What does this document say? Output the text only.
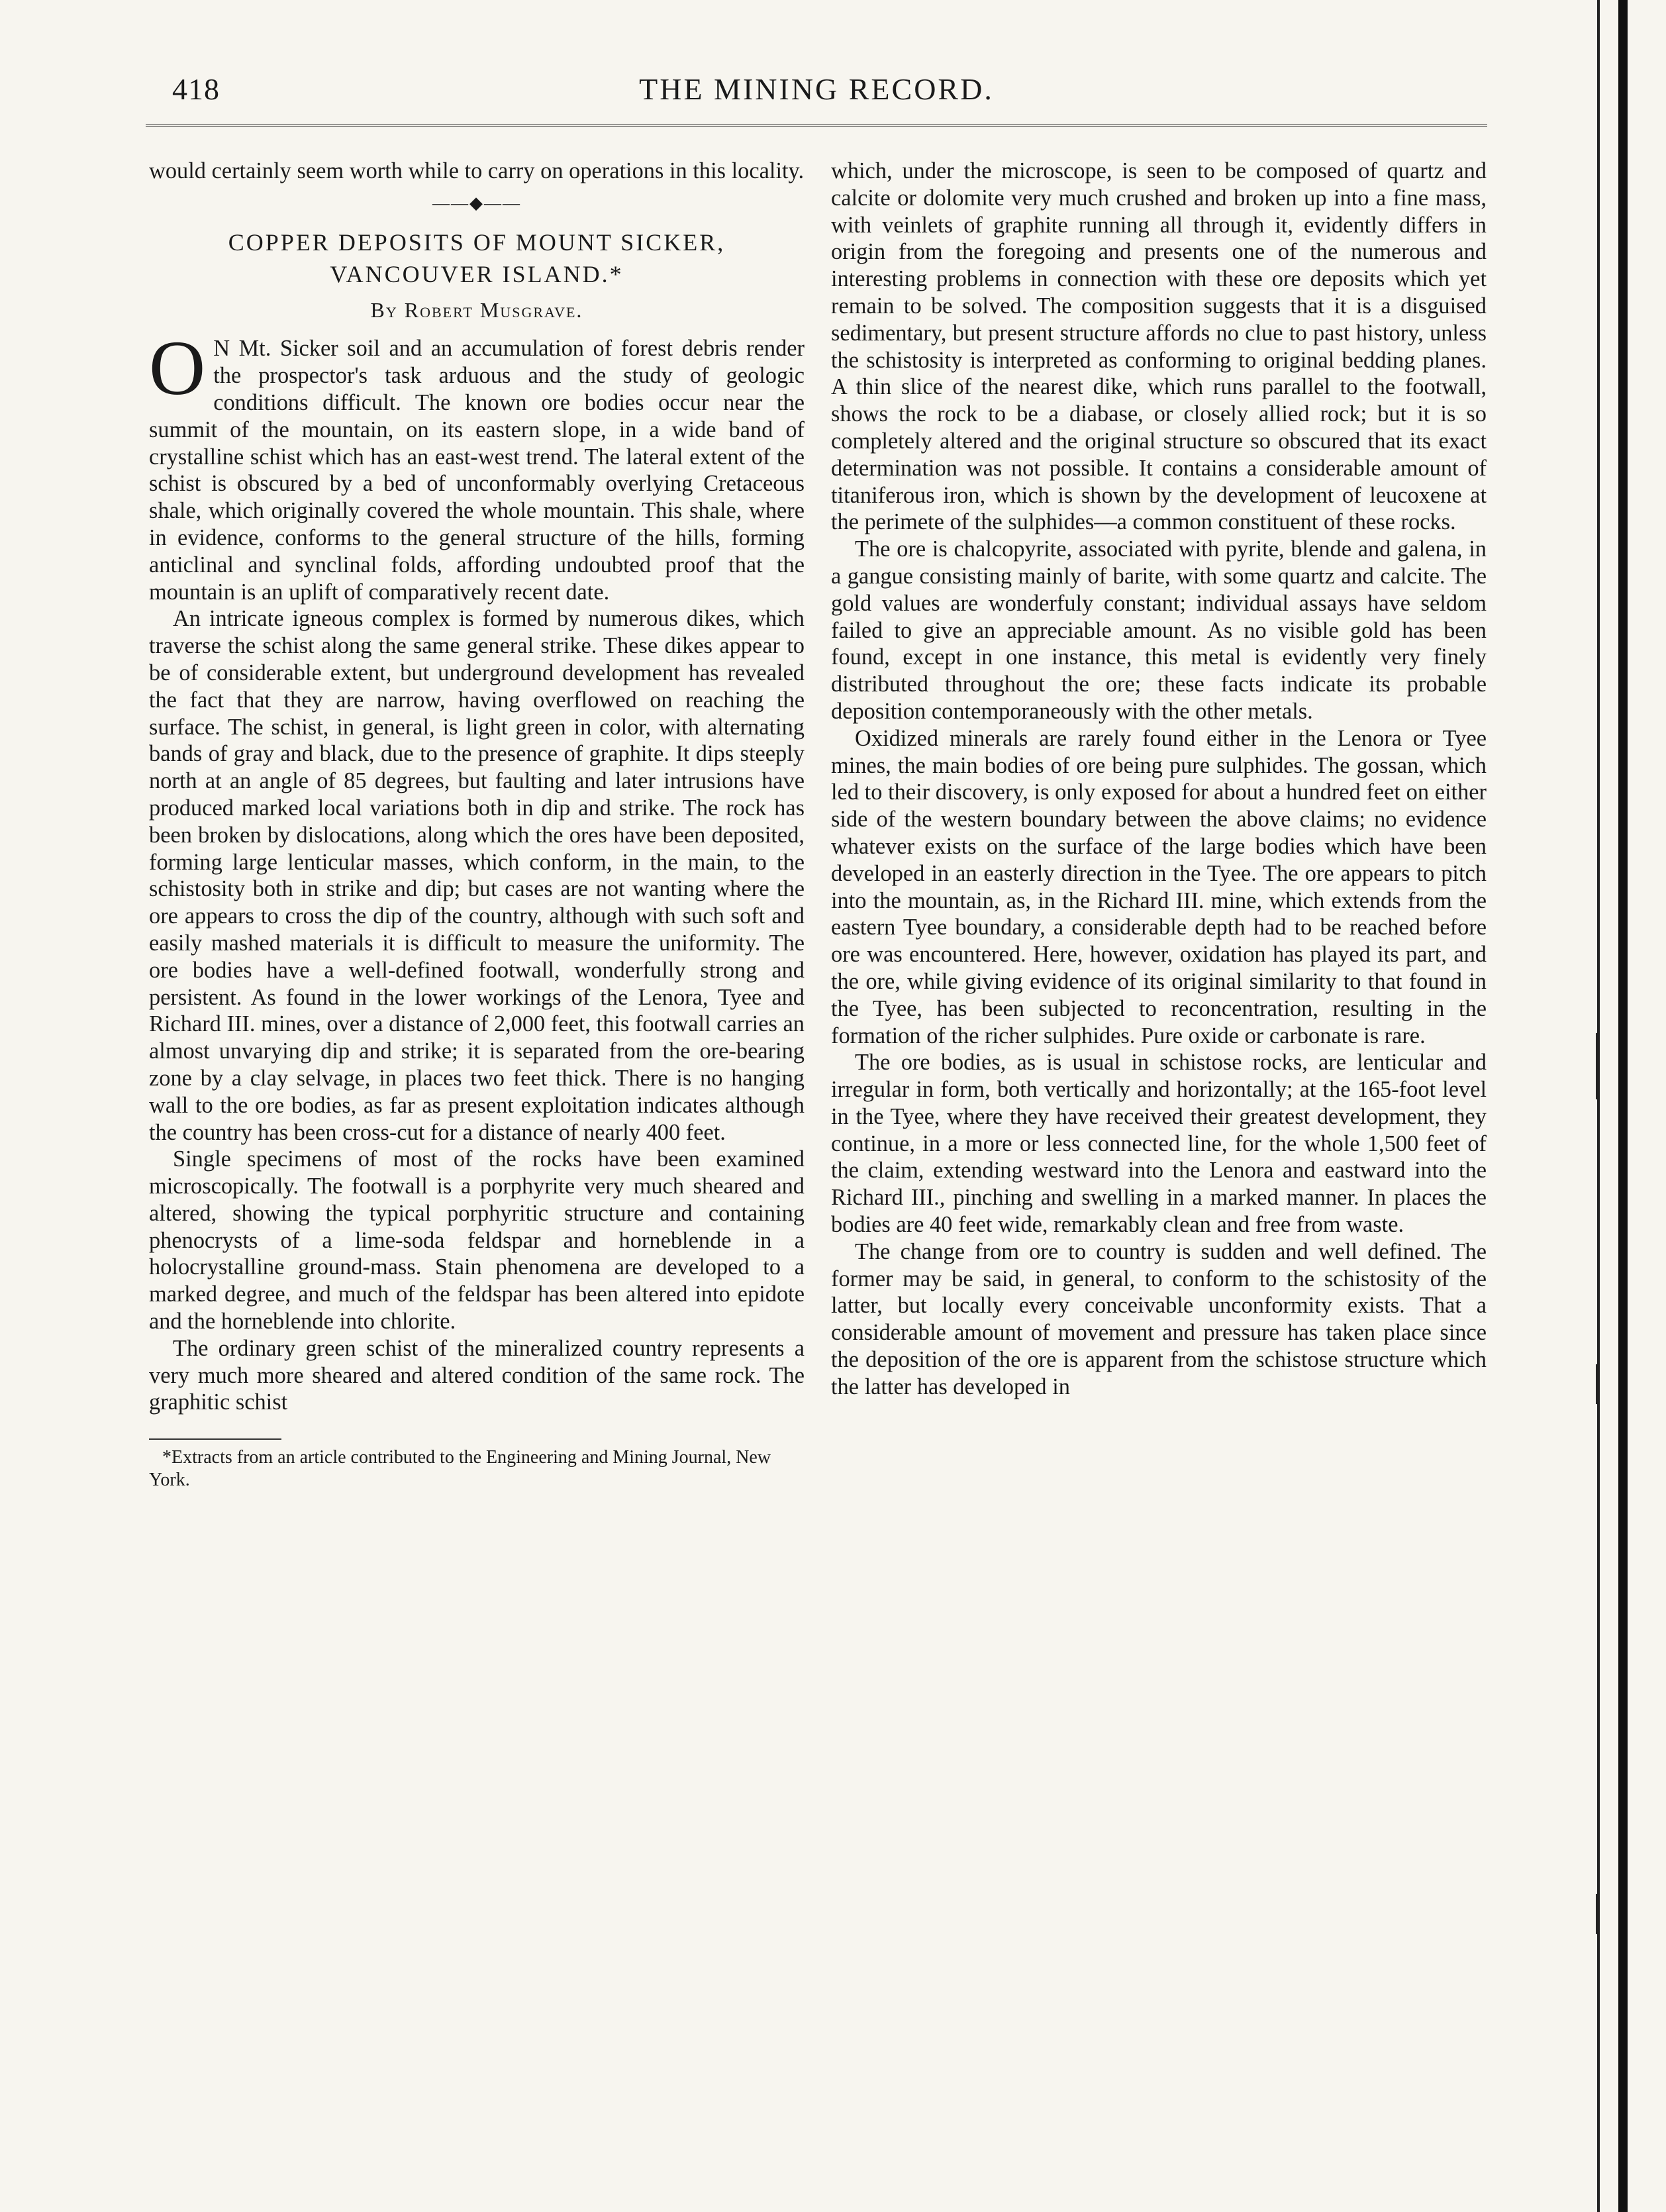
418	THE MINING RECORD.

would certainly seem worth while to carry on operations in this locality.

——◆——
COPPER DEPOSITS OF MOUNT SICKER,
VANCOUVER ISLAND.*
By Robert Musgrave.

O N Mt. Sicker soil and an accumulation of forest debris render the prospector's task arduous and the study of geologic conditions difficult. The known ore bodies occur near the summit of the mountain, on its eastern slope, in a wide band of crystalline schist which has an east-west trend. The lateral extent of the schist is obscured by a bed of unconformably overlying Cretaceous shale, which originally covered the whole mountain. This shale, where in evidence, conforms to the general structure of the hills, forming anticlinal and synclinal folds, affording undoubted proof that the mountain is an uplift of comparatively recent date.

An intricate igneous complex is formed by numerous dikes, which traverse the schist along the same general strike. These dikes appear to be of considerable extent, but underground development has revealed the fact that they are narrow, having overflowed on reaching the surface. The schist, in general, is light green in color, with alternating bands of gray and black, due to the presence of graphite. It dips steeply north at an angle of 85 degrees, but faulting and later intrusions have produced marked local variations both in dip and strike. The rock has been broken by dislocations, along which the ores have been deposited, forming large lenticular masses, which conform, in the main, to the schistosity both in strike and dip; but cases are not wanting where the ore appears to cross the dip of the country, although with such soft and easily mashed materials it is difficult to measure the uniformity. The ore bodies have a well-defined footwall, wonderfully strong and persistent. As found in the lower workings of the Lenora, Tyee and Richard III. mines, over a distance of 2,000 feet, this footwall carries an almost unvarying dip and strike; it is separated from the ore-bearing zone by a clay selvage, in places two feet thick. There is no hanging wall to the ore bodies, as far as present exploitation indicates although the country has been cross-cut for a distance of nearly 400 feet.

Single specimens of most of the rocks have been examined microscopically. The footwall is a porphyrite very much sheared and altered, showing the typical porphyritic structure and containing phenocrysts of a lime-soda feldspar and horneblende in a holocrystalline ground-mass. Stain phenomena are developed to a marked degree, and much of the feldspar has been altered into epidote and the horneblende into chlorite.

The ordinary green schist of the mineralized country represents a very much more sheared and altered condition of the same rock. The graphitic schist

*Extracts from an article contributed to the Engineering and Mining Journal, New York.

which, under the microscope, is seen to be composed of quartz and calcite or dolomite very much crushed and broken up into a fine mass, with veinlets of graphite running all through it, evidently differs in origin from the foregoing and presents one of the numerous and interesting problems in connection with these ore deposits which yet remain to be solved. The composition suggests that it is a disguised sedimentary, but present structure affords no clue to past history, unless the schistosity is interpreted as conforming to original bedding planes. A thin slice of the nearest dike, which runs parallel to the footwall, shows the rock to be a diabase, or closely allied rock; but it is so completely altered and the original structure so obscured that its exact determination was not possible. It contains a considerable amount of titaniferous iron, which is shown by the development of leucoxene at the perimete of the sulphides—a common constituent of these rocks.

The ore is chalcopyrite, associated with pyrite, blende and galena, in a gangue consisting mainly of barite, with some quartz and calcite. The gold values are wonderfuly constant; individual assays have seldom failed to give an appreciable amount. As no visible gold has been found, except in one instance, this metal is evidently very finely distributed throughout the ore; these facts indicate its probable deposition contemporaneously with the other metals.

Oxidized minerals are rarely found either in the Lenora or Tyee mines, the main bodies of ore being pure sulphides. The gossan, which led to their discovery, is only exposed for about a hundred feet on either side of the western boundary between the above claims; no evidence whatever exists on the surface of the large bodies which have been developed in an easterly direction in the Tyee. The ore appears to pitch into the mountain, as, in the Richard III. mine, which extends from the eastern Tyee boundary, a considerable depth had to be reached before ore was encountered. Here, however, oxidation has played its part, and the ore, while giving evidence of its original similarity to that found in the Tyee, has been subjected to reconcentration, resulting in the formation of the richer sulphides. Pure oxide or carbonate is rare.

The ore bodies, as is usual in schistose rocks, are lenticular and irregular in form, both vertically and horizontally; at the 165-foot level in the Tyee, where they have received their greatest development, they continue, in a more or less connected line, for the whole 1,500 feet of the claim, extending westward into the Lenora and eastward into the Richard III., pinching and swelling in a marked manner. In places the bodies are 40 feet wide, remarkably clean and free from waste.

The change from ore to country is sudden and well defined. The former may be said, in general, to conform to the schistosity of the latter, but locally every conceivable unconformity exists. That a considerable amount of movement and pressure has taken place since the deposition of the ore is apparent from the schistose structure which the latter has developed in
